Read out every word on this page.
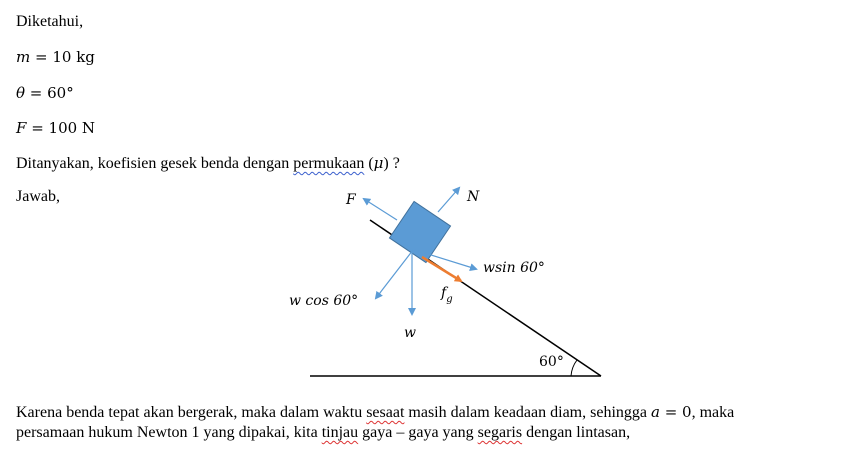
Diketahui,
m = 10 kg
θ = 60°
F = 100 N
Ditanyakan, koefisien gesek benda dengan permukaan (μ) ?
Jawab,	F	N
wsin 60°
$f_g$
w cos 60°
w
60°
Karena benda tepat akan bergerak, maka dalam waktu sesaat masih dalam keadaan diam, sehingga a = 0, maka
persamaan hukum Newton 1 yang dipakai, kita tinjau gaya – gaya yang segaris dengan lintasan,
